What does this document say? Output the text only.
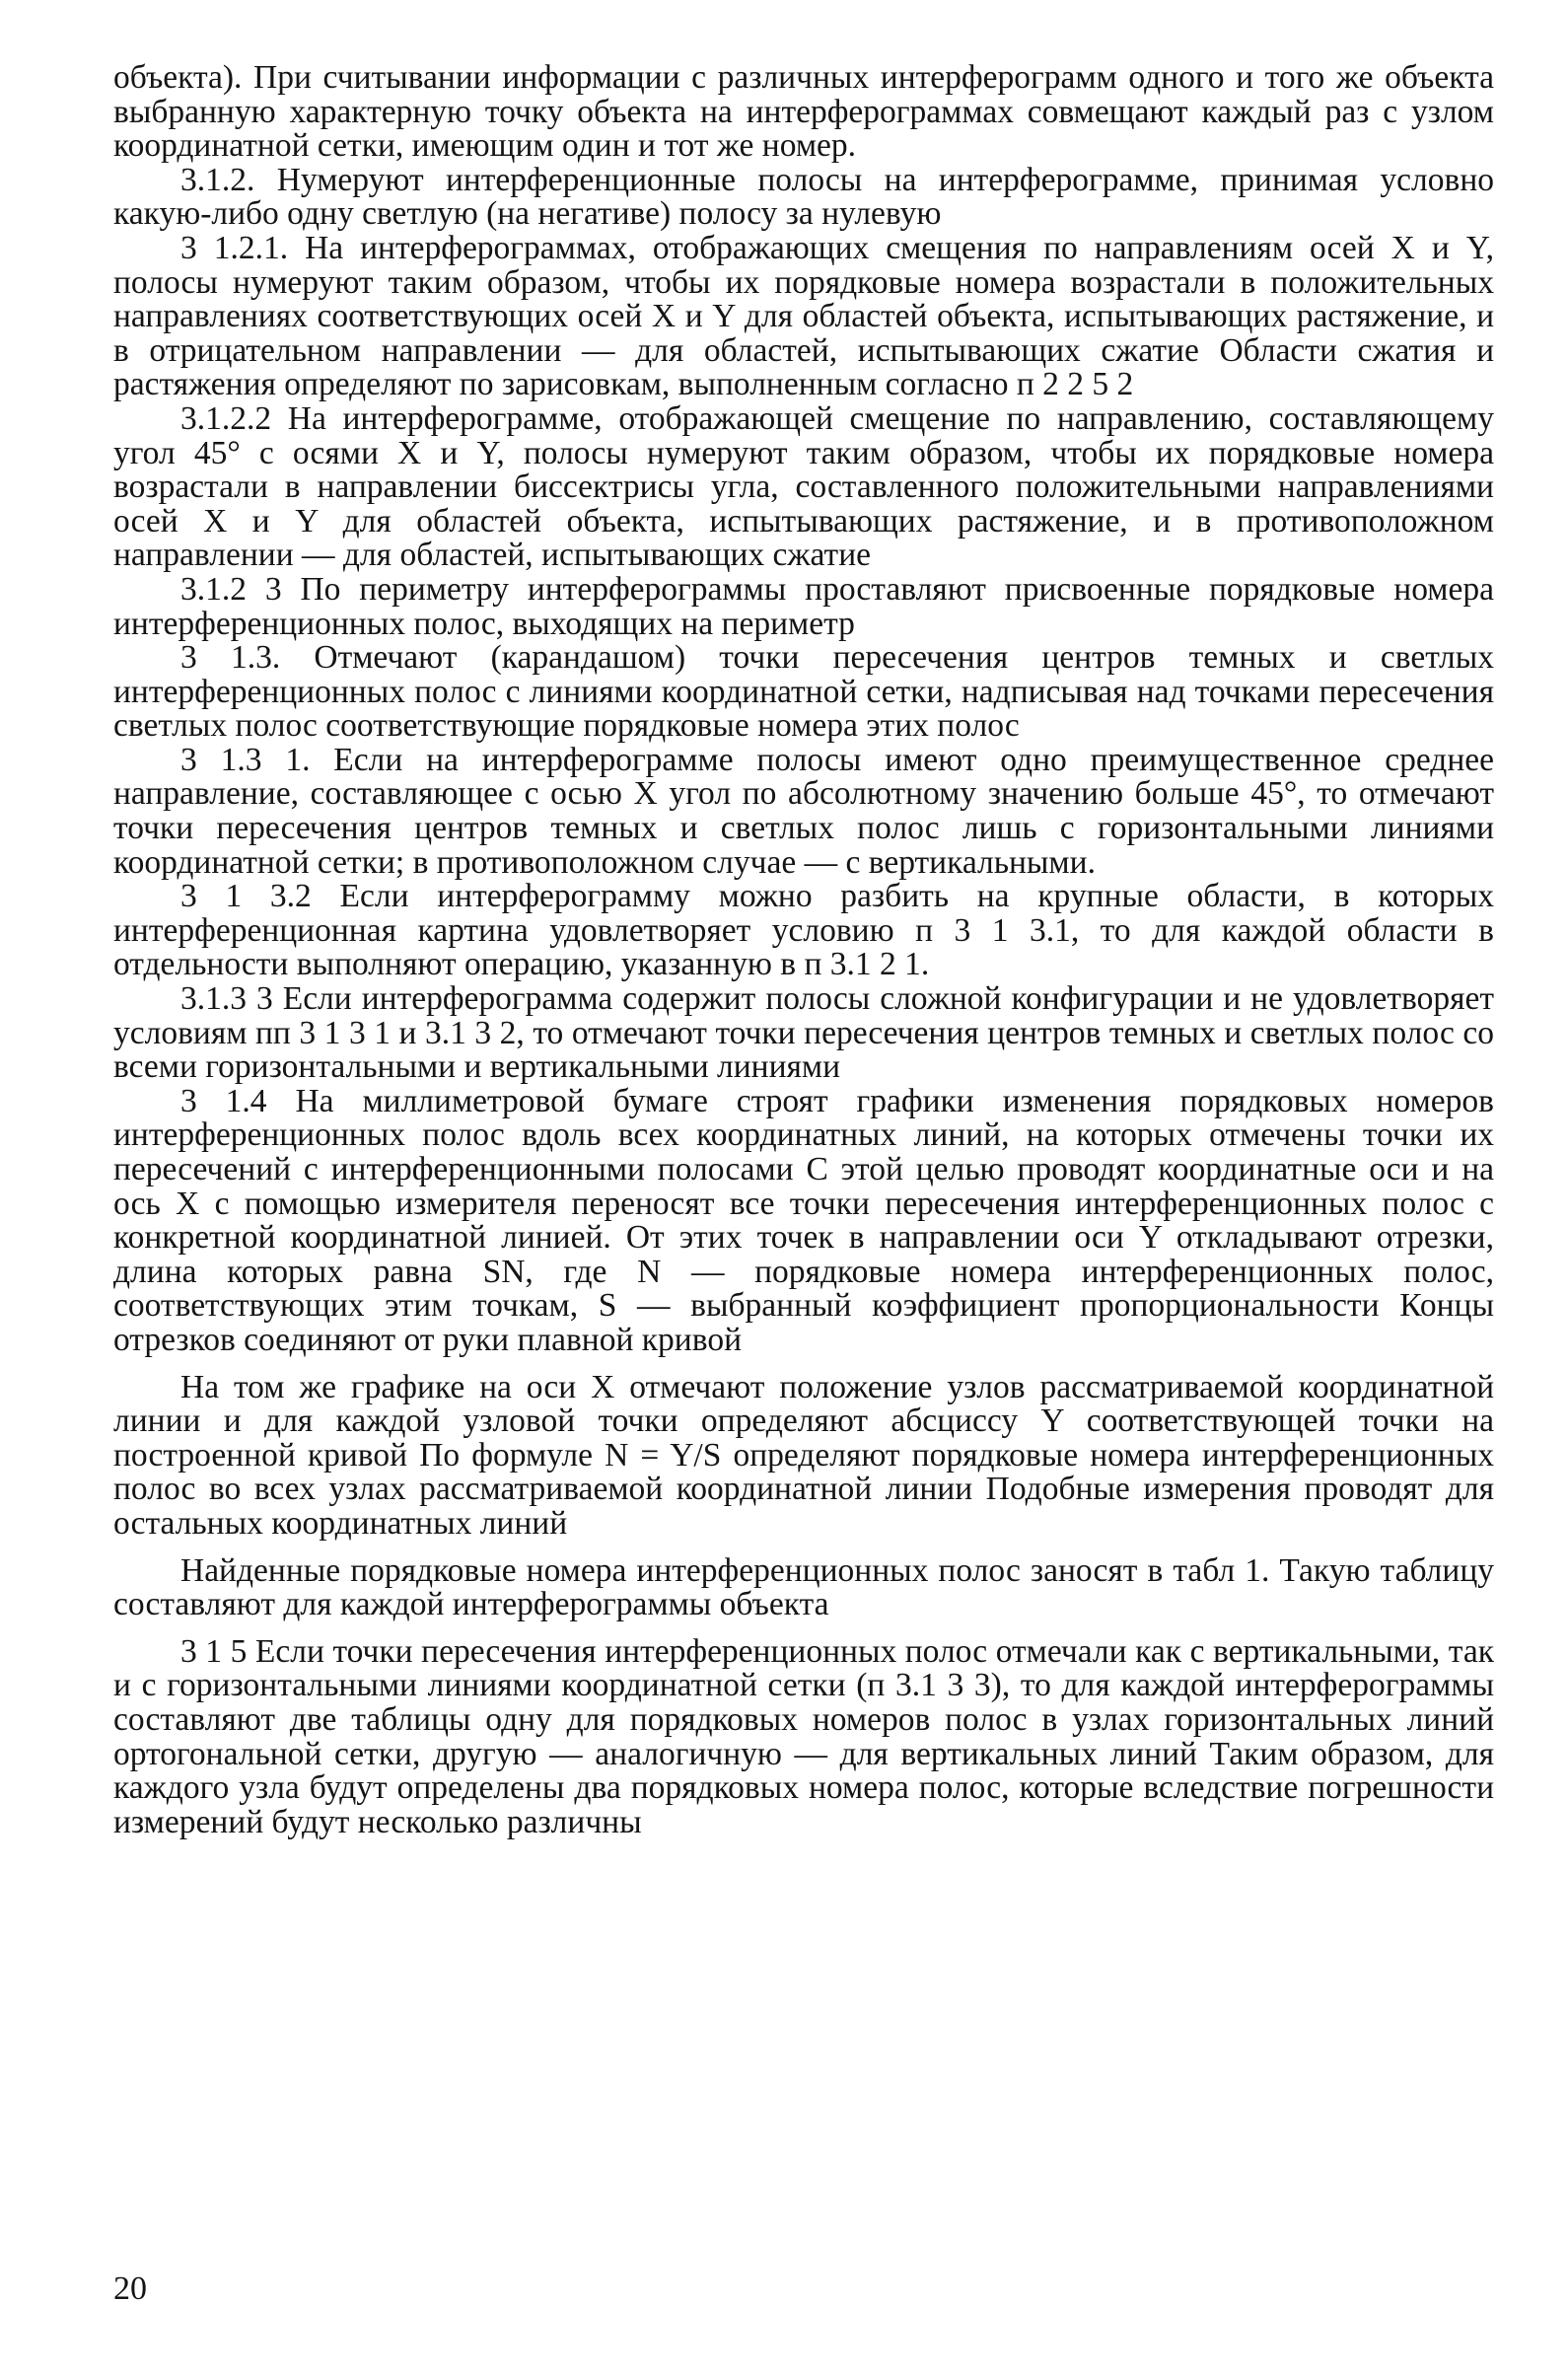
объекта). При считывании информации с различных интерферограмм одного и того же объекта выбранную характерную точку объекта на интерферограммах совмещают каждый раз с узлом координатной сетки, имеющим один и тот же номер.

3.1.2. Нумеруют интерференционные полосы на интерферограмме, принимая условно какую-либо одну светлую (на негативе) полосу за нулевую

3 1.2.1. На интерферограммах, отображающих смещения по направлениям осей X и Y, полосы нумеруют таким образом, чтобы их порядковые номера возрастали в положительных направлениях соответствующих осей X и Y для областей объекта, испытывающих растяжение, и в отрицательном направлении — для областей, испытывающих сжатие Области сжатия и растяжения определяют по зарисовкам, выполненным согласно п 2 2 5 2

3.1.2.2 На интерферограмме, отображающей смещение по направлению, составляющему угол 45° с осями X и Y, полосы нумеруют таким образом, чтобы их порядковые номера возрастали в направлении биссектрисы угла, составленного положительными направлениями осей X и Y для областей объекта, испытывающих растяжение, и в противоположном направлении — для областей, испытывающих сжатие

3.1.2 3 По периметру интерферограммы проставляют присвоенные порядковые номера интерференционных полос, выходящих на периметр

3 1.3. Отмечают (карандашом) точки пересечения центров темных и светлых интерференционных полос с линиями координатной сетки, надписывая над точками пересечения светлых полос соответствующие порядковые номера этих полос

3 1.3 1. Если на интерферограмме полосы имеют одно преимущественное среднее направление, составляющее с осью X угол по абсолютному значению больше 45°, то отмечают точки пересечения центров темных и светлых полос лишь с горизонтальными линиями координатной сетки; в противоположном случае — с вертикальными.

3 1 3.2 Если интерферограмму можно разбить на крупные области, в которых интерференционная картина удовлетворяет условию п 3 1 3.1, то для каждой области в отдельности выполняют операцию, указанную в п 3.1 2 1.

3.1.3 3 Если интерферограмма содержит полосы сложной конфигурации и не удовлетворяет условиям пп 3 1 3 1 и 3.1 3 2, то отмечают точки пересечения центров темных и светлых полос со всеми горизонтальными и вертикальными линиями

3 1.4 На миллиметровой бумаге строят графики изменения порядковых номеров интерференционных полос вдоль всех координатных линий, на которых отмечены точки их пересечений с интерференционными полосами С этой целью проводят координатные оси и на ось X с помощью измерителя переносят все точки пересечения интерференционных полос с конкретной координатной линией. От этих точек в направлении оси Y откладывают отрезки, длина которых равна SN, где N — порядковые номера интерференционных полос, соответствующих этим точкам, S — выбранный коэффициент пропорциональности Концы отрезков соединяют от руки плавной кривой

На том же графике на оси X отмечают положение узлов рассматриваемой координатной линии и для каждой узловой точки определяют абсциссу Y соответствующей точки на построенной кривой По формуле N = Y/S определяют порядковые номера интерференционных полос во всех узлах рассматриваемой координатной линии Подобные измерения проводят для остальных координатных линий

Найденные порядковые номера интерференционных полос заносят в табл 1. Такую таблицу составляют для каждой интерферограммы объекта

3 1 5 Если точки пересечения интерференционных полос отмечали как с вертикальными, так и с горизонтальными линиями координатной сетки (п 3.1 3 3), то для каждой интерферограммы составляют две таблицы одну для порядковых номеров полос в узлах горизонтальных линий ортогональной сетки, другую — аналогичную — для вертикальных линий Таким образом, для каждого узла будут определены два порядковых номера полос, которые вследствие погрешности измерений будут несколько различны

20
